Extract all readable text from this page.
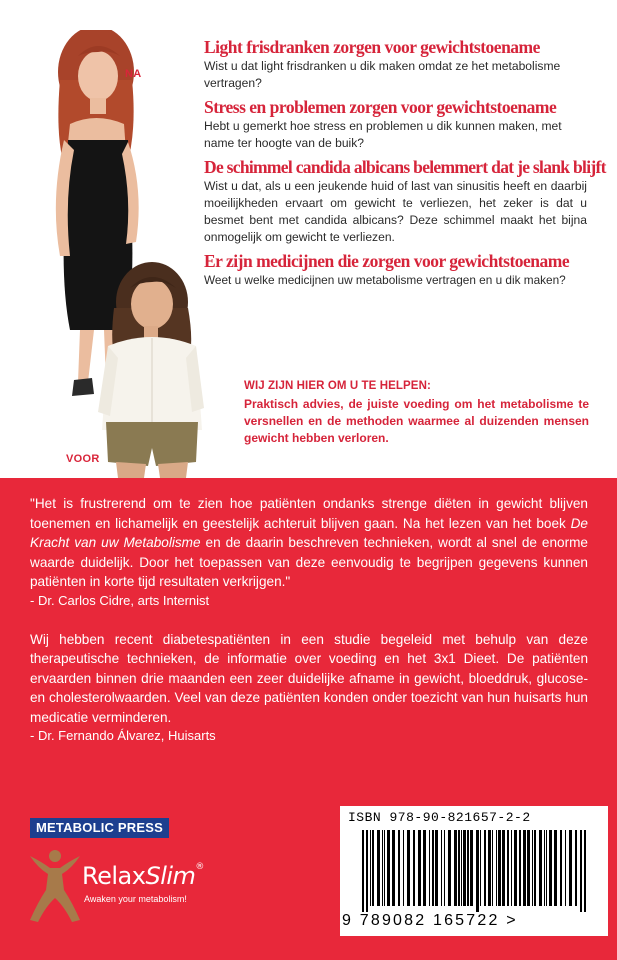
NA
VOOR
Light frisdranken zorgen voor gewichtstoename

Wist u dat light frisdranken u dik maken omdat ze het metabolisme vertragen?

Stress en problemen zorgen voor gewichtstoename

Hebt u gemerkt hoe stress en problemen u dik kunnen maken, met name ter hoogte van de buik?

De schimmel candida albicans belemmert dat je slank blijft

Wist u dat, als u een jeukende huid of last van sinusitis heeft en daarbij moeilijkheden ervaart om gewicht te verliezen, het zeker is dat u besmet bent met candida albicans? Deze schimmel maakt het bijna onmogelijk om gewicht te verliezen.

Er zijn medicijnen die zorgen voor gewichtstoename

Weet u welke medicijnen uw metabolisme vertragen en u dik maken?

WIJ ZIJN HIER OM U TE HELPEN:
Praktisch advies, de juiste voeding om het metabolisme te versnellen en de methoden waarmee al duizenden mensen gewicht hebben verloren.

"Het is frustrerend om te zien hoe patiënten ondanks strenge diëten in gewicht blijven toenemen en lichamelijk en geestelijk achteruit blijven gaan. Na het lezen van het boek De Kracht van uw Metabolisme en de daarin beschreven technieken, wordt al snel de enorme waarde duidelijk. Door het toepassen van deze eenvoudig te begrijpen gegevens kunnen patiënten in korte tijd resultaten verkrijgen."

- Dr. Carlos Cidre, arts Internist

Wij hebben recent diabetespatiënten in een studie begeleid met behulp van deze therapeutische technieken, de informatie over voeding en het 3x1 Dieet. De patiënten ervaarden binnen drie maanden een zeer duidelijke afname in gewicht, bloeddruk, glucose- en cholesterolwaarden. Veel van deze patiënten konden onder toezicht van hun huisarts hun medicatie verminderen.

- Dr. Fernando Álvarez, Huisarts

METABOLIC PRESS
RelaxSlim®
Awaken your metabolism!
ISBN 978-90-821657-2-2
9 789082 165722 >
